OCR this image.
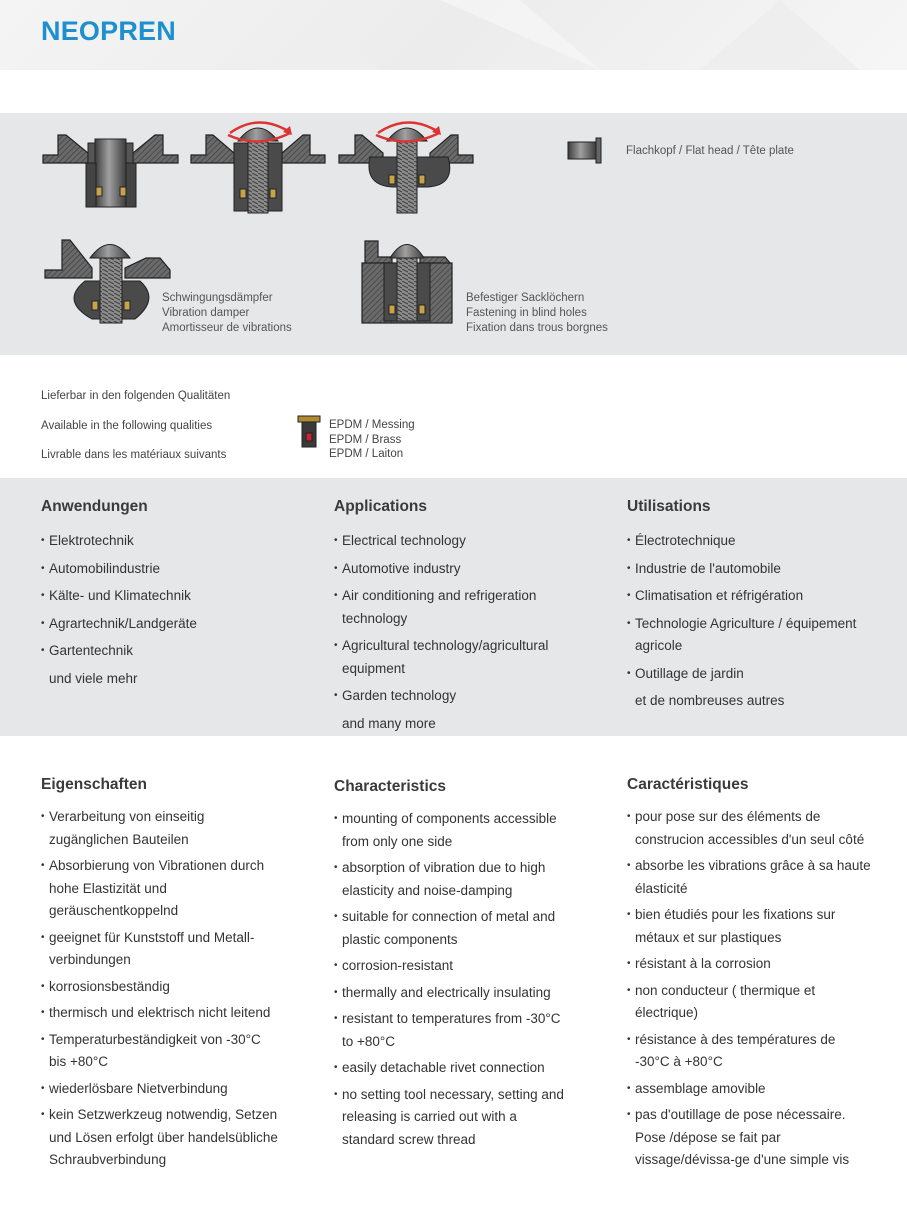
NEOPREN
Flachkopf / Flat head / Tête plate
Schwingungsdämpfer
Vibration damper
Amortisseur de vibrations
Befestiger Sacklöchern
Fastening in blind holes
Fixation dans trous borgnes
Lieferbar in den folgenden Qualitäten
Available in the following qualities
Livrable dans les matériaux suivants
EPDM / Messing
EPDM / Brass
EPDM / Laiton
Anwendungen
• Elektrotechnik
• Automobilindustrie
• Kälte- und Klimatechnik
• Agrartechnik/Landgeräte
• Gartentechnik
und viele mehr
Applications
• Electrical technology
• Automotive industry
• Air conditioning and refrigeration technology
• Agricultural technology/agricultural equipment
• Garden technology
and many more
Utilisations
• Électrotechnique
• Industrie de l'automobile
• Climatisation et réfrigération
• Technologie Agriculture / équipement agricole
• Outillage de jardin
et de nombreuses autres
Eigenschaften
• Verarbeitung von einseitig zugänglichen Bauteilen
• Absorbierung von Vibrationen durch hohe Elastizität und geräuschentkoppelnd
• geeignet für Kunststoff und Metall-verbindungen
• korrosionsbeständig
• thermisch und elektrisch nicht leitend
• Temperaturbeständigkeit von -30°C bis +80°C
• wiederlösbare Nietverbindung
• kein Setzwerkzeug notwendig, Setzen und Lösen erfolgt über handelsübliche Schraubverbindung
Characteristics
• mounting of components accessible from only one side
• absorption of vibration due to high elasticity and noise-damping
• suitable for connection of metal and plastic components
• corrosion-resistant
• thermally and electrically insulating
• resistant to temperatures from -30°C to +80°C
• easily detachable rivet connection
• no setting tool necessary, setting and releasing is carried out with a standard screw thread
Caractéristiques
• pour pose sur des éléments de construcion accessibles d'un seul côté
• absorbe les vibrations grâce à sa haute élasticité
• bien étudiés pour les fixations sur métaux et sur plastiques
• résistant à la corrosion
• non conducteur ( thermique et électrique)
• résistance à des températures de -30°C à +80°C
• assemblage amovible
• pas d'outillage de pose nécessaire. Pose /dépose se fait par vissage/dévissa-ge d'une simple vis
